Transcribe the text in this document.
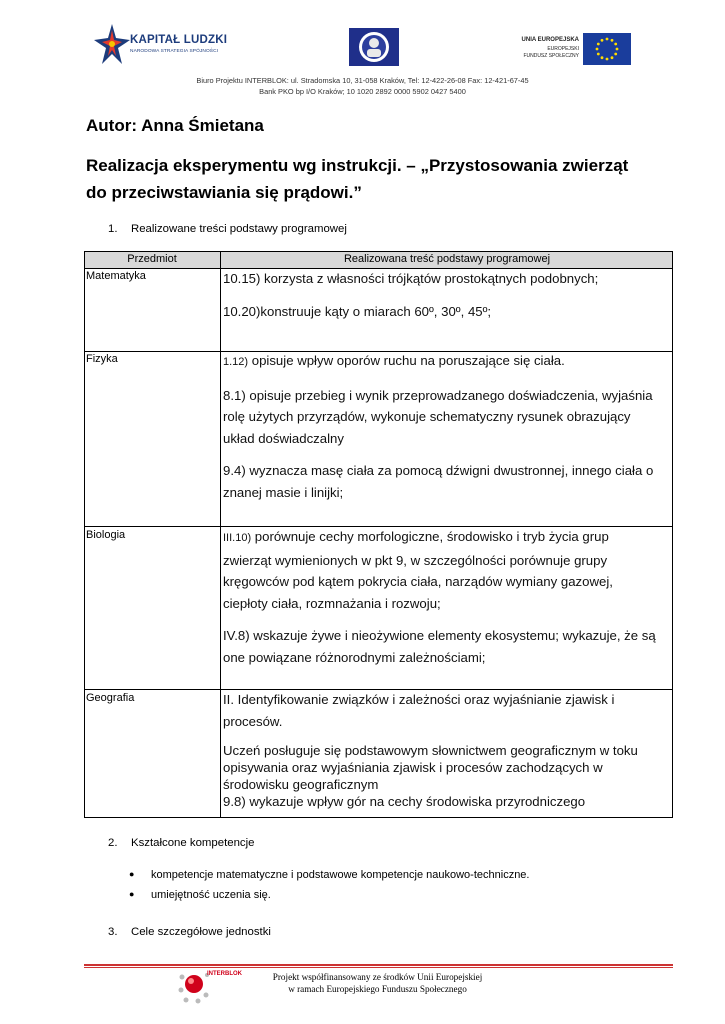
KAPITAŁ LUDZKI
NARODOWA STRATEGIA SPÓJNOŚCI
UNIA EUROPEJSKA
EUROPEJSKI
FUNDUSZ SPOŁECZNY
Biuro Projektu INTERBLOK: ul. Stradomska 10, 31-058 Kraków, Tel: 12-422-26-08 Fax: 12-421-67-45
Bank PKO bp I/O Kraków; 10 1020 2892 0000 5902 0427 5400
Autor: Anna Śmietana
Realizacja eksperymentu wg instrukcji. – „Przystosowania zwierząt
do przeciwstawiania się prądowi.”
1. Realizowane treści podstawy programowej
Przedmiot	Realizowana treść podstawy programowej
Matematyka	10.15) korzysta z własności trójkątów prostokątnych podobnych;

10.20)konstruuje kąty o miarach 60º, 30º, 45º;

Fizyka	1.12) opisuje wpływ oporów ruchu na poruszające się ciała.

8.1) opisuje przebieg i wynik przeprowadzanego doświadczenia, wyjaśnia

rolę użytych przyrządów, wykonuje schematyczny rysunek obrazujący

układ doświadczalny

9.4) wyznacza masę ciała za pomocą dźwigni dwustronnej, innego ciała o

znanej masie i linijki;

Biologia	III.10) porównuje cechy morfologiczne, środowisko i tryb życia grup

zwierząt wymienionych w pkt 9, w szczególności porównuje grupy

kręgowców pod kątem pokrycia ciała, narządów wymiany gazowej,

ciepłoty ciała, rozmnażania i rozwoju;

IV.8) wskazuje żywe i nieożywione elementy ekosystemu; wykazuje, że są

one powiązane różnorodnymi zależnościami;

Geografia	II. Identyfikowanie związków i zależności oraz wyjaśnianie zjawisk i

procesów.

Uczeń posługuje się podstawowym słownictwem geograficznym w toku

opisywania oraz wyjaśniania zjawisk i procesów zachodzących w

środowisku geograficznym

9.8) wykazuje wpływ gór na cechy środowiska przyrodniczego

2. Kształcone kompetencje
● kompetencje matematyczne i podstawowe kompetencje naukowo-techniczne.
● umiejętność uczenia się.
3. Cele szczegółowe jednostki
INTERBLOK	Projekt współfinansowany ze środków Unii Europejskiej
w ramach Europejskiego Funduszu Społecznego
